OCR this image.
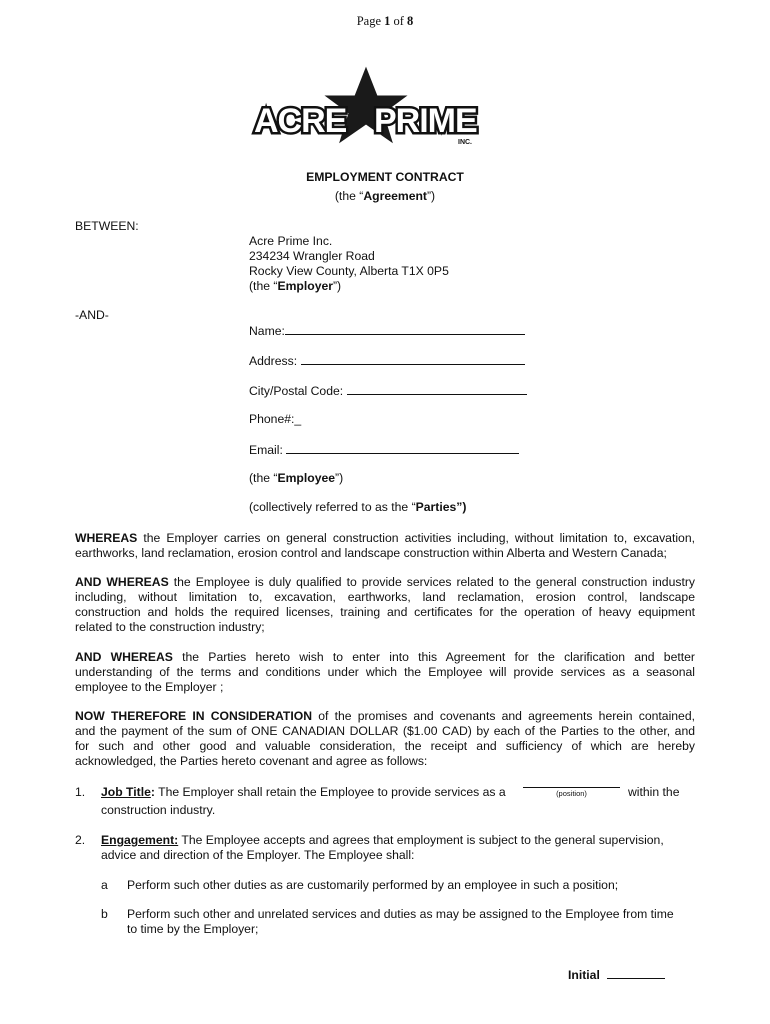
Page 1 of 8
ACRE PRIME
INC.
EMPLOYMENT CONTRACT
(the “Agreement”)
BETWEEN:
Acre Prime Inc.
234234 Wrangler Road
Rocky View County, Alberta T1X 0P5
(the “Employer”)
-AND-
Name:
Address:
City/Postal Code:
Phone#:_
Email:
(the “Employee”)
(collectively referred to as the “Parties”)
WHEREAS the Employer carries on general construction activities including, without limitation to, excavation,
earthworks, land reclamation, erosion control and landscape construction within Alberta and Western Canada;
AND WHEREAS the Employee is duly qualified to provide services related to the general construction industry
including, without limitation to, excavation, earthworks, land reclamation, erosion control, landscape
construction and holds the required licenses, training and certificates for the operation of heavy equipment
related to the construction industry;
AND WHEREAS the Parties hereto wish to enter into this Agreement for the clarification and better
understanding of the terms and conditions under which the Employee will provide services as a seasonal
employee to the Employer ;
NOW THEREFORE IN CONSIDERATION of the promises and covenants and agreements herein contained,
and the payment of the sum of ONE CANADIAN DOLLAR ($1.00 CAD) by each of the Parties to the other, and
for such and other good and valuable consideration, the receipt and sufficiency of which are hereby
acknowledged, the Parties hereto covenant and agree as follows:
1. Job Title: The Employer shall retain the Employee to provide services as a	(position)	within the
construction industry.
2. Engagement: The Employee accepts and agrees that employment is subject to the general supervision,
advice and direction of the Employer. The Employee shall:
a Perform such other duties as are customarily performed by an employee in such a position;
b Perform such other and unrelated services and duties as may be assigned to the Employee from time
to time by the Employer;
Initial
